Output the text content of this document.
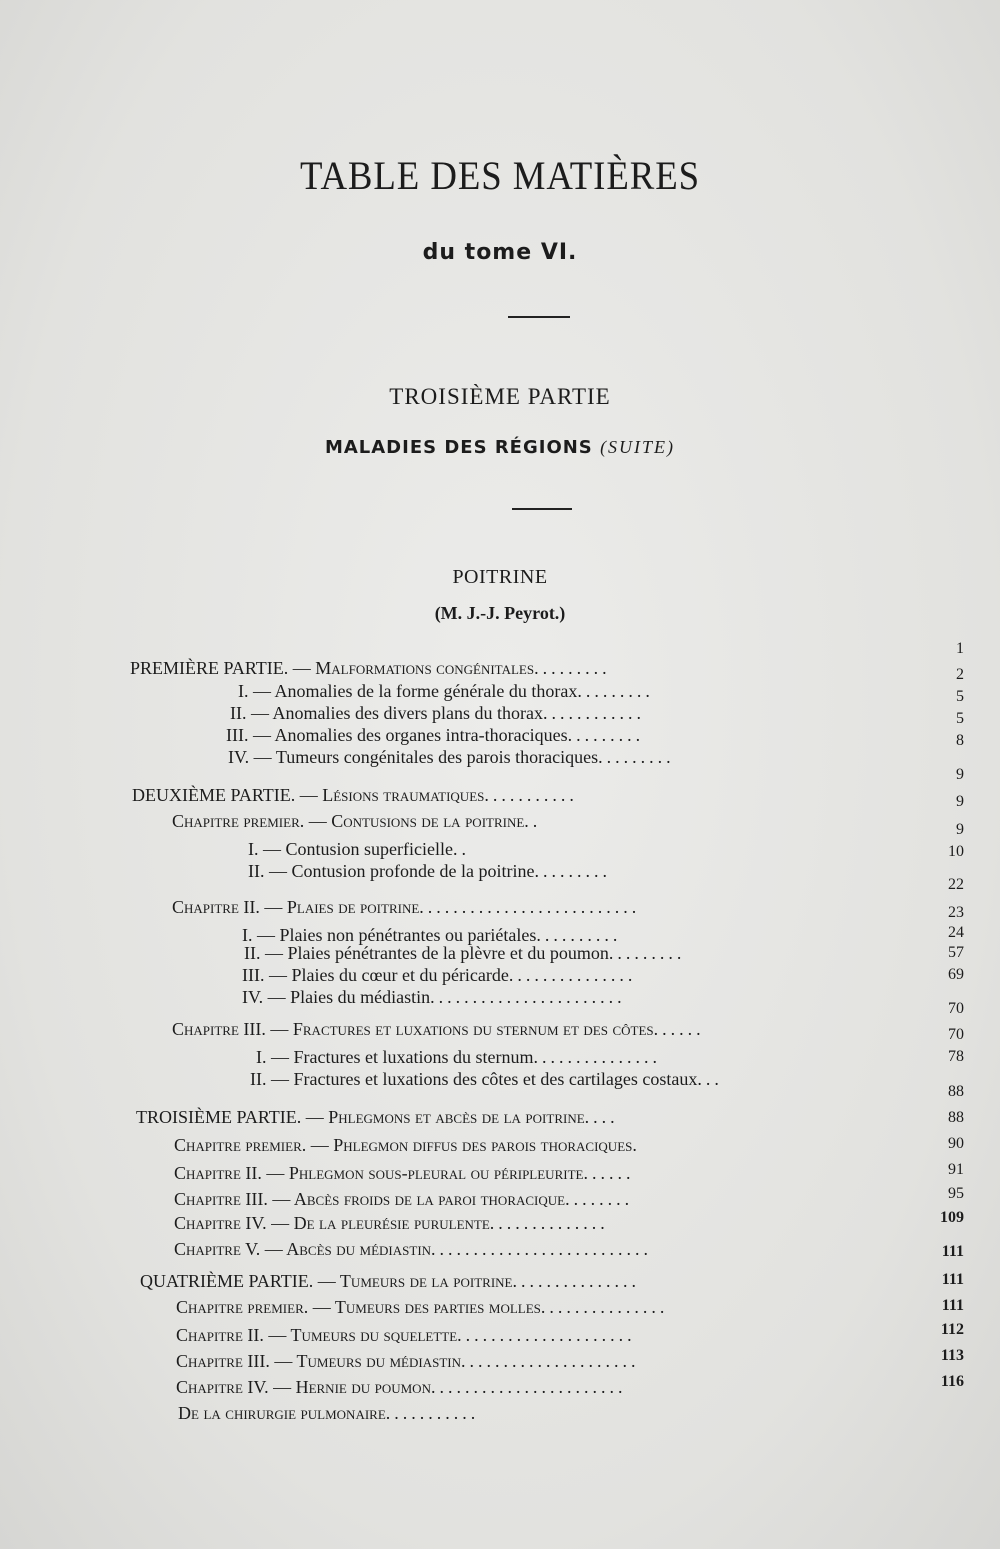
TABLE DES MATIÈRES
du tome VI.
TROISIÈME PARTIE
MALADIES DES RÉGIONS (SUITE)
POITRINE
(M. J.-J. Peyrot.)
PREMIÈRE PARTIE. — Malformations congénitales.........
1
I. — Anomalies de la forme générale du thorax.........
2
II. — Anomalies des divers plans du thorax............
5
III. — Anomalies des organes intra-thoraciques.........
5
IV. — Tumeurs congénitales des parois thoraciques.........
8
DEUXIÈME PARTIE. — Lésions traumatiques...........
9
Chapitre premier. — Contusions de la poitrine..
9
I. — Contusion superficielle..
9
II. — Contusion profonde de la poitrine.........
10
Chapitre II. — Plaies de poitrine..........................
22
I. — Plaies non pénétrantes ou pariétales..........
23
II. — Plaies pénétrantes de la plèvre et du poumon.........
24
III. — Plaies du cœur et du péricarde...............
57
IV. — Plaies du médiastin.......................
69
Chapitre III. — Fractures et luxations du sternum et des côtes......
70
I. — Fractures et luxations du sternum...............
70
II. — Fractures et luxations des côtes et des cartilages costaux...
78
TROISIÈME PARTIE. — Phlegmons et abcès de la poitrine....
88
Chapitre premier. — Phlegmon diffus des parois thoraciques.
88
Chapitre II. — Phlegmon sous-pleural ou péripleurite......
90
Chapitre III. — Abcès froids de la paroi thoracique........
91
Chapitre IV. — De la pleurésie purulente..............
95
Chapitre V. — Abcès du médiastin..........................
109
QUATRIÈME PARTIE. — Tumeurs de la poitrine...............
111
Chapitre premier. — Tumeurs des parties molles...............
111
Chapitre II. — Tumeurs du squelette.....................
111
Chapitre III. — Tumeurs du médiastin.....................
112
Chapitre IV. — Hernie du poumon.......................
113
De la chirurgie pulmonaire...........
116
